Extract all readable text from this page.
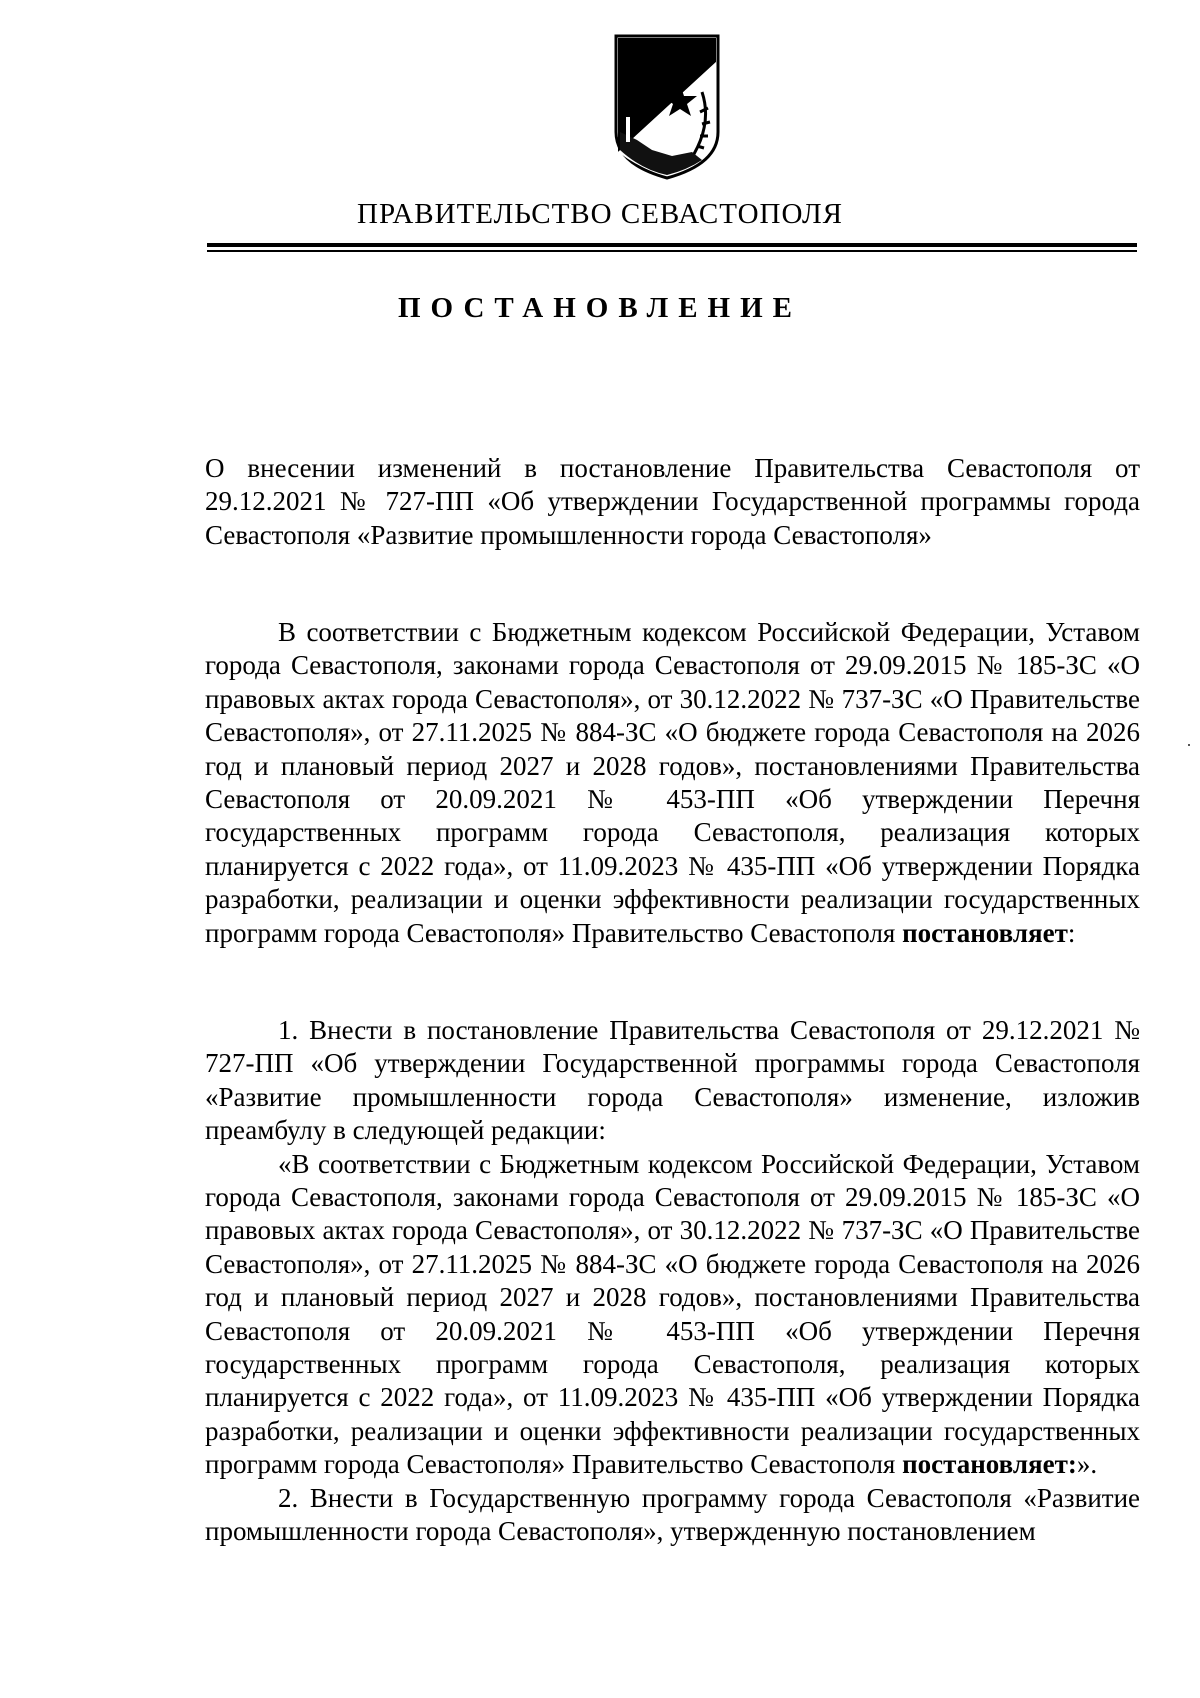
ПРАВИТЕЛЬСТВО СЕВАСТОПОЛЯ
ПОСТАНОВЛЕНИЕ

О внесении изменений в постановление Правительства Севастополя от 29.12.2021 № 727-ПП «Об утверждении Государственной программы города Севастополя «Развитие промышленности города Севастополя»

В соответствии с Бюджетным кодексом Российской Федерации, Уставом города Севастополя, законами города Севастополя от 29.09.2015 № 185-ЗС «О правовых актах города Севастополя», от 30.12.2022 № 737-ЗС «О Правительстве Севастополя», от 27.11.2025 № 884-ЗС «О бюджете города Севастополя на 2026 год и плановый период 2027 и 2028 годов», постановлениями Правительства Севастополя от 20.09.2021 № 453-ПП «Об утверждении Перечня государственных программ города Севастополя, реализация которых планируется с 2022 года», от 11.09.2023 № 435-ПП «Об утверждении Порядка разработки, реализации и оценки эффективности реализации государственных программ города Севастополя» Правительство Севастополя постановляет:

1. Внести в постановление Правительства Севастополя от 29.12.2021 № 727-ПП «Об утверждении Государственной программы города Севастополя «Развитие промышленности города Севастополя» изменение, изложив преамбулу в следующей редакции:

«В соответствии с Бюджетным кодексом Российской Федерации, Уставом города Севастополя, законами города Севастополя от 29.09.2015 № 185-ЗС «О правовых актах города Севастополя», от 30.12.2022 № 737-ЗС «О Правительстве Севастополя», от 27.11.2025 № 884-ЗС «О бюджете города Севастополя на 2026 год и плановый период 2027 и 2028 годов», постановлениями Правительства Севастополя от 20.09.2021 № 453-ПП «Об утверждении Перечня государственных программ города Севастополя, реализация которых планируется с 2022 года», от 11.09.2023 № 435-ПП «Об утверждении Порядка разработки, реализации и оценки эффективности реализации государственных программ города Севастополя» Правительство Севастополя постановляет:».

2. Внести в Государственную программу города Севастополя «Развитие промышленности города Севастополя», утвержденную постановлением
